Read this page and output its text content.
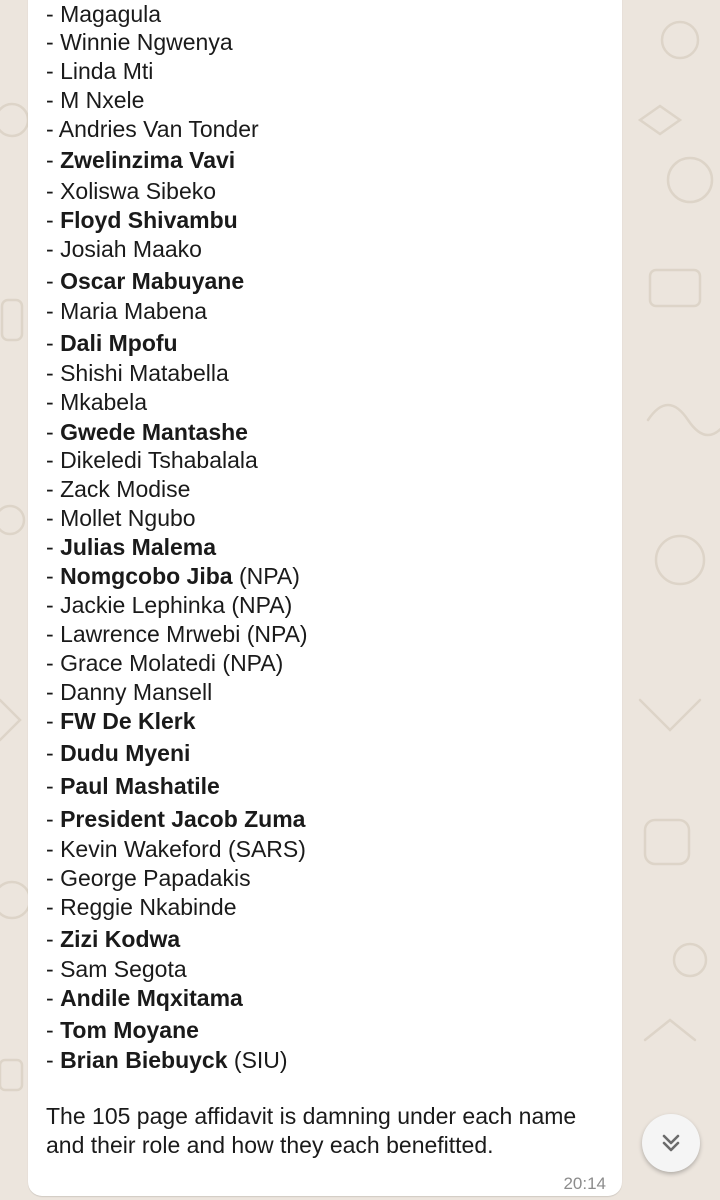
- Magagula
- Winnie Ngwenya
- Linda Mti
- M Nxele
- Andries Van Tonder
- Zwelinzima Vavi
- Xoliswa Sibeko
- Floyd Shivambu
- Josiah Maako
- Oscar Mabuyane
- Maria Mabena
- Dali Mpofu
- Shishi Matabella
- Mkabela
- Gwede Mantashe
- Dikeledi Tshabalala
- Zack Modise
- Mollet Ngubo
- Julias Malema
- Nomgcobo Jiba (NPA)
- Jackie Lephinka (NPA)
- Lawrence Mrwebi (NPA)
- Grace Molatedi (NPA)
- Danny Mansell
- FW De Klerk
- Dudu Myeni
- Paul Mashatile
- President Jacob Zuma
- Kevin Wakeford (SARS)
- George Papadakis
- Reggie Nkabinde
- Zizi Kodwa
- Sam Segota
- Andile Mqxitama
- Tom Moyane
- Brian Biebuyck (SIU)

The 105 page affidavit is damning under each name and their role and how they each benefitted.

20:14
